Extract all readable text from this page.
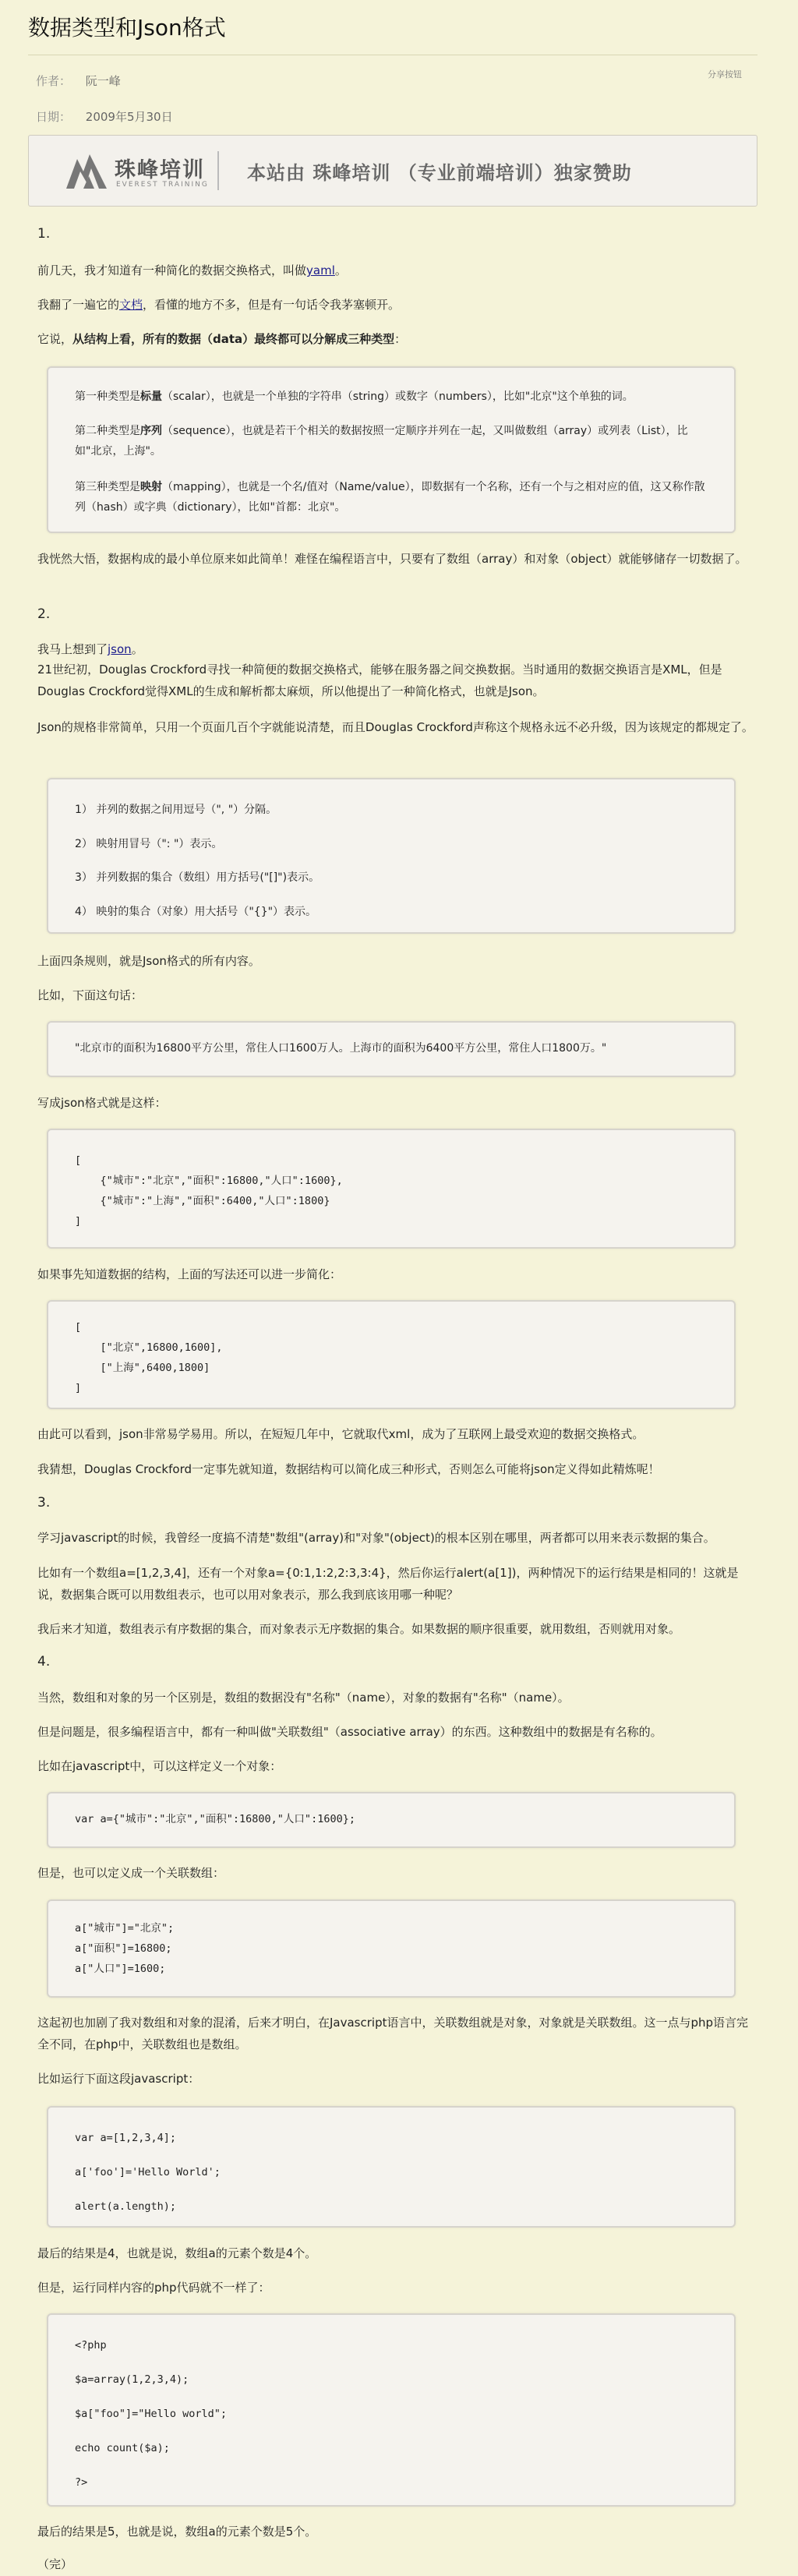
数据类型和Json格式
作者： 阮一峰
日期： 2009年5月30日
分享按钮
珠峰培训
EVEREST TRAINING
本站由 珠峰培训 （专业前端培训）独家赞助
1.

前几天，我才知道有一种简化的数据交换格式，叫做yaml。

我翻了一遍它的文档，看懂的地方不多，但是有一句话令我茅塞顿开。

它说，从结构上看，所有的数据（data）最终都可以分解成三种类型：

第一种类型是标量（scalar），也就是一个单独的字符串（string）或数字（numbers），比如"北京"这个单独的词。
第二种类型是序列（sequence），也就是若干个相关的数据按照一定顺序并列在一起，又叫做数组（array）或列表（List），比如"北京，上海"。
第三种类型是映射（mapping），也就是一个名/值对（Name/value），即数据有一个名称，还有一个与之相对应的值，这又称作散列（hash）或字典（dictionary），比如"首都：北京"。

我恍然大悟，数据构成的最小单位原来如此简单！难怪在编程语言中，只要有了数组（array）和对象（object）就能够储存一切数据了。

2.

我马上想到了json。

21世纪初，Douglas Crockford寻找一种简便的数据交换格式，能够在服务器之间交换数据。当时通用的数据交换语言是XML，但是Douglas Crockford觉得XML的生成和解析都太麻烦，所以他提出了一种简化格式，也就是Json。

Json的规格非常简单，只用一个页面几百个字就能说清楚，而且Douglas Crockford声称这个规格永远不必升级，因为该规定的都规定了。

1） 并列的数据之间用逗号（", "）分隔。
2） 映射用冒号（": "）表示。
3） 并列数据的集合（数组）用方括号("[]")表示。
4） 映射的集合（对象）用大括号（"{}"）表示。

上面四条规则，就是Json格式的所有内容。

比如，下面这句话：

"北京市的面积为16800平方公里，常住人口1600万人。上海市的面积为6400平方公里，常住人口1800万。"

写成json格式就是这样：

[
{"城市":"北京","面积":16800,"人口":1600},
{"城市":"上海","面积":6400,"人口":1800}
]

如果事先知道数据的结构，上面的写法还可以进一步简化：

[
["北京",16800,1600],
["上海",6400,1800]
]

由此可以看到，json非常易学易用。所以，在短短几年中，它就取代xml，成为了互联网上最受欢迎的数据交换格式。

我猜想，Douglas Crockford一定事先就知道，数据结构可以简化成三种形式，否则怎么可能将json定义得如此精炼呢！

3.

学习javascript的时候，我曾经一度搞不清楚"数组"(array)和"对象"(object)的根本区别在哪里，两者都可以用来表示数据的集合。

比如有一个数组a=[1,2,3,4]，还有一个对象a={0:1,1:2,2:3,3:4}，然后你运行alert(a[1])，两种情况下的运行结果是相同的！这就是说，数据集合既可以用数组表示，也可以用对象表示，那么我到底该用哪一种呢？

我后来才知道，数组表示有序数据的集合，而对象表示无序数据的集合。如果数据的顺序很重要，就用数组，否则就用对象。

4.

当然，数组和对象的另一个区别是，数组的数据没有"名称"（name），对象的数据有"名称"（name）。

但是问题是，很多编程语言中，都有一种叫做"关联数组"（associative array）的东西。这种数组中的数据是有名称的。

比如在javascript中，可以这样定义一个对象：

var a={"城市":"北京","面积":16800,"人口":1600};

但是，也可以定义成一个关联数组：

a["城市"]="北京";
a["面积"]=16800;
a["人口"]=1600;

这起初也加剧了我对数组和对象的混淆，后来才明白，在Javascript语言中，关联数组就是对象，对象就是关联数组。这一点与php语言完全不同，在php中，关联数组也是数组。

比如运行下面这段javascript：

var a=[1,2,3,4];
a['foo']='Hello World';
alert(a.length);

最后的结果是4，也就是说，数组a的元素个数是4个。

但是，运行同样内容的php代码就不一样了：

<?php
$a=array(1,2,3,4);
$a["foo"]="Hello world";
echo count($a);
?>

最后的结果是5，也就是说，数组a的元素个数是5个。

（完）
